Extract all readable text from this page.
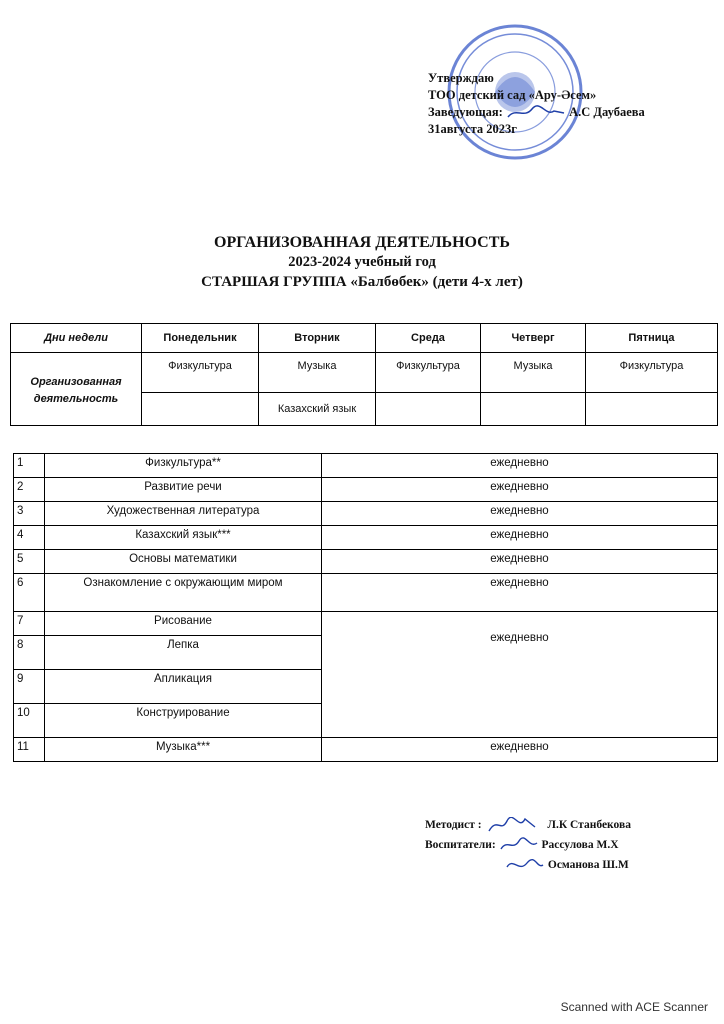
Утверждаю
ТОО детский сад «Ару-Әсем»
Заведующая:	А.С Даубаева
31августа 2023г
ОРГАНИЗОВАННАЯ ДЕЯТЕЛЬНОСТЬ
2023-2024 учебный год
СТАРШАЯ ГРУППА «Балбөбек» (дети 4-х лет)
Дни недели	Понедельник	Вторник	Среда	Четверг	Пятница
Организованная деятельность	Физкультура	Музыка	Физкультура	Музыка	Физкультура
		Казахский язык			
1	Физкультура**	ежедневно
2	Развитие речи	ежедневно
3	Художественная литература	ежедневно
4	Казахский язык***	ежедневно
5	Основы математики	ежедневно
6	Ознакомление с окружающим миром	ежедневно
7	Рисование	ежедневно
8	Лепка	
9	Апликация	
10	Конструирование	
11	Музыка***	ежедневно
Методист :	Л.К Станбекова
Воспитатели:	Рассулова М.Х
Османова Ш.М
Scanned with ACE Scanner
